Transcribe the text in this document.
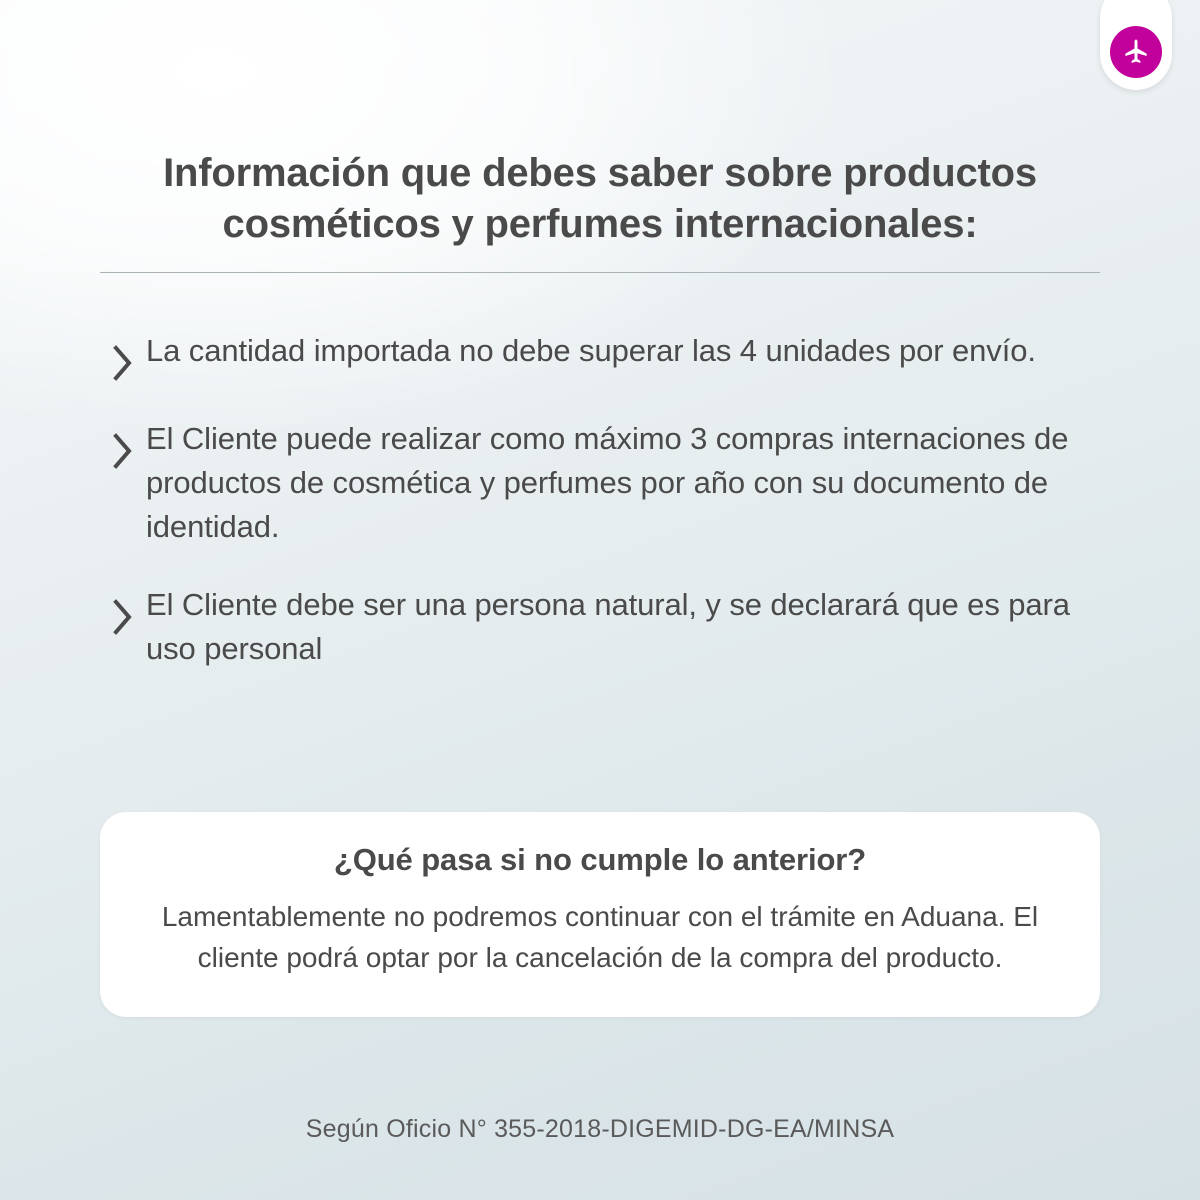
Información que debes saber sobre productos
cosméticos y perfumes internacionales:
La cantidad importada no debe superar las 4 unidades por envío.
El Cliente puede realizar como máximo 3 compras internaciones de productos de cosmética y perfumes por año con su documento de identidad.
El Cliente debe ser una persona natural, y se declarará que es para uso personal
¿Qué pasa si no cumple lo anterior?
Lamentablemente no podremos continuar con el trámite en Aduana. El cliente podrá optar por la cancelación de la compra del producto.
Según Oficio N° 355-2018-DIGEMID-DG-EA/MINSA
